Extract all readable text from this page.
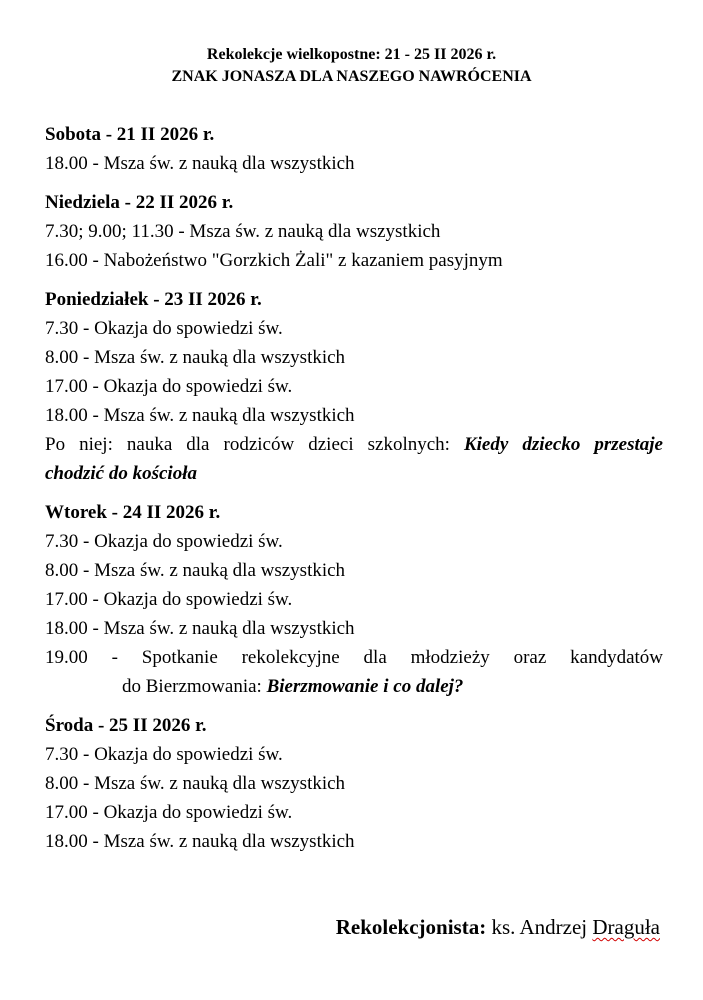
Rekolekcje wielkopostne: 21 - 25 II 2026 r.
ZNAK JONASZA DLA NASZEGO NAWRÓCENIA
Sobota - 21 II 2026 r.
18.00 - Msza św. z nauką dla wszystkich
Niedziela - 22 II 2026 r.
7.30; 9.00; 11.30 - Msza św. z nauką dla wszystkich
16.00 - Nabożeństwo "Gorzkich Żali" z kazaniem pasyjnym
Poniedziałek - 23 II 2026 r.
7.30 - Okazja do spowiedzi św.
8.00 - Msza św. z nauką dla wszystkich
17.00 - Okazja do spowiedzi św.
18.00 - Msza św. z nauką dla wszystkich
Po niej: nauka dla rodziców dzieci szkolnych: Kiedy dziecko przestaje
chodzić do kościoła
Wtorek - 24 II 2026 r.
7.30 - Okazja do spowiedzi św.
8.00 - Msza św. z nauką dla wszystkich
17.00 - Okazja do spowiedzi św.
18.00 - Msza św. z nauką dla wszystkich
19.00 - Spotkanie rekolekcyjne dla młodzieży oraz kandydatów
do Bierzmowania: Bierzmowanie i co dalej?
Środa - 25 II 2026 r.
7.30 - Okazja do spowiedzi św.
8.00 - Msza św. z nauką dla wszystkich
17.00 - Okazja do spowiedzi św.
18.00 - Msza św. z nauką dla wszystkich
Rekolekcjonista: ks. Andrzej Draguła
